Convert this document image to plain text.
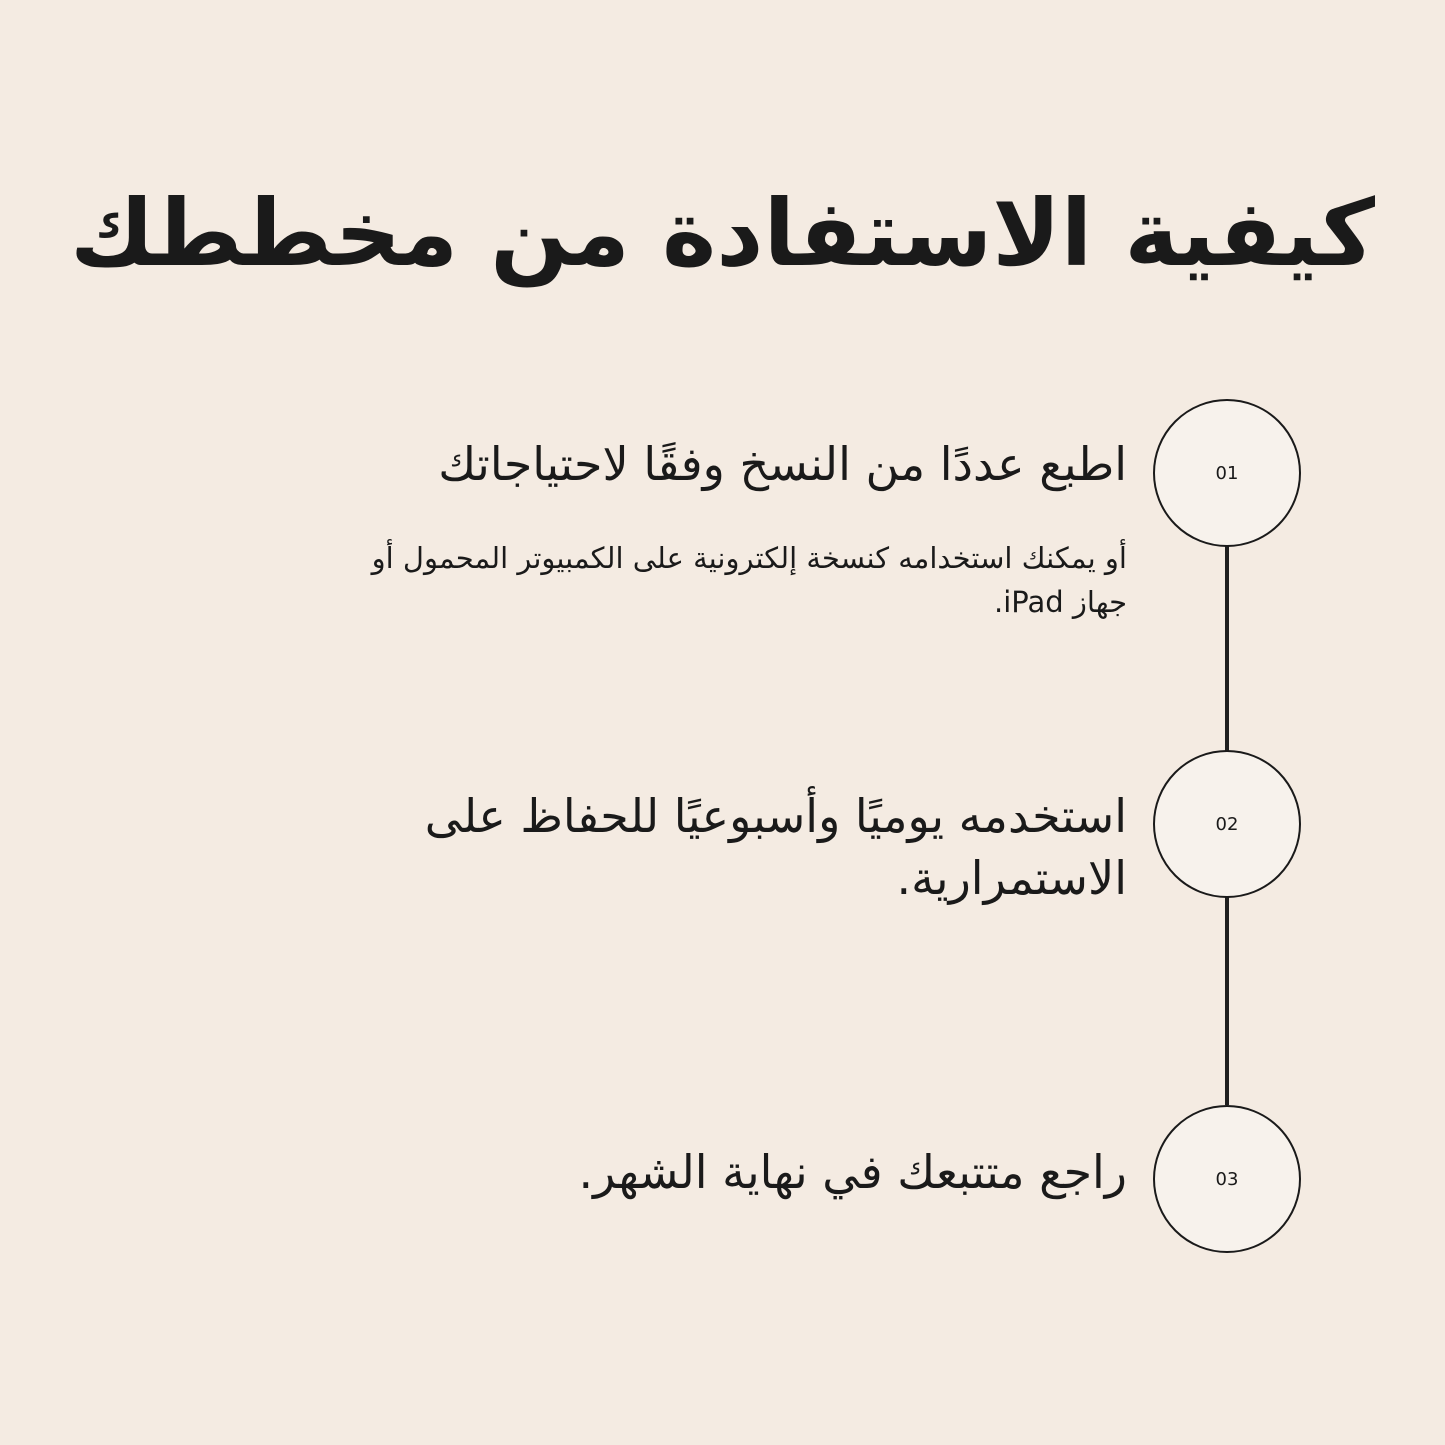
كيفية الاستفادة من مخططك
01
02
03
اطبع عددًا من النسخ وفقًا لاحتياجاتك
أو يمكنك استخدامه كنسخة إلكترونية على الكمبيوتر المحمول أو جهاز iPad.
استخدمه يوميًا وأسبوعيًا للحفاظ على الاستمرارية.
راجع متتبعك في نهاية الشهر.
